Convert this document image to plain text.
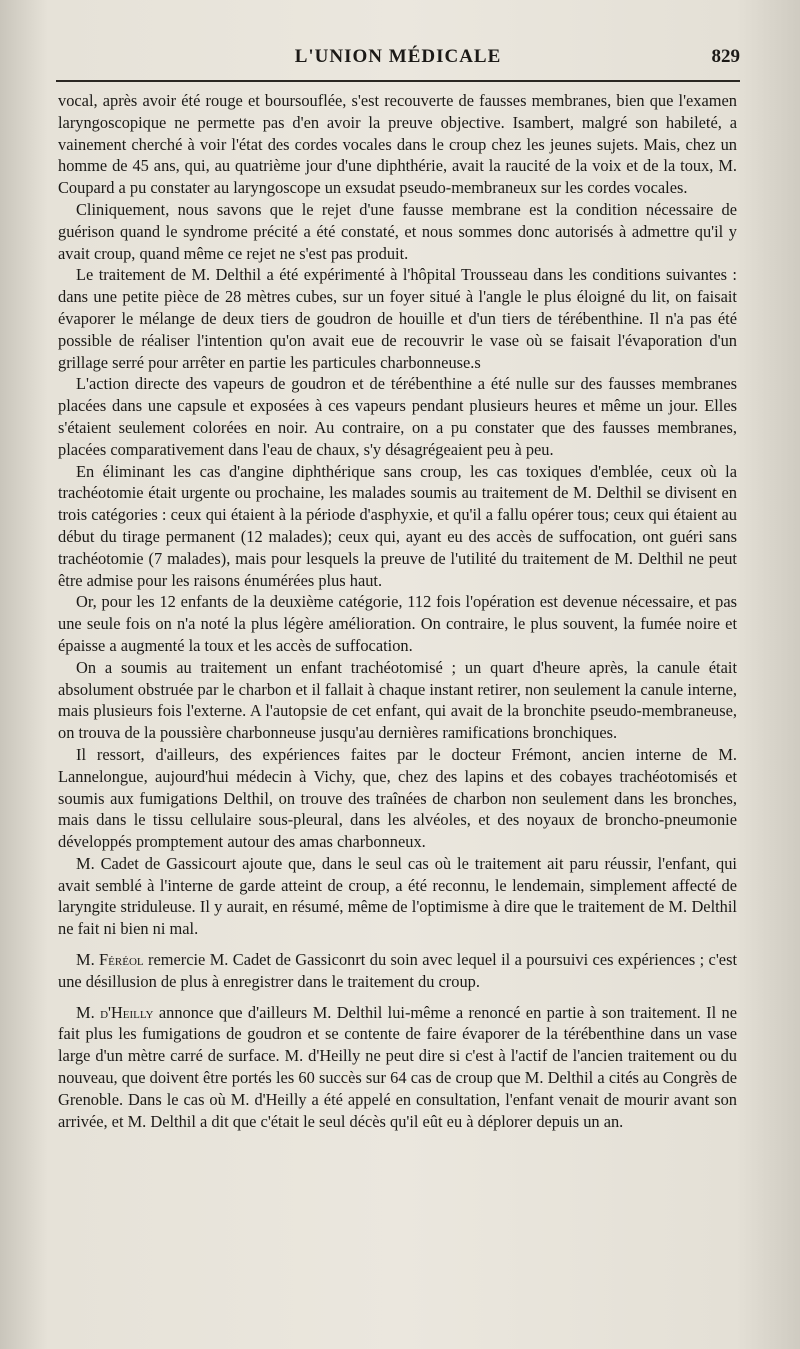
L'UNION MÉDICALE	829

vocal, après avoir été rouge et boursouflée, s'est recouverte de fausses membranes, bien que l'examen laryngoscopique ne permette pas d'en avoir la preuve objective. Isambert, malgré son habileté, a vainement cherché à voir l'état des cordes vocales dans le croup chez les jeunes sujets. Mais, chez un homme de 45 ans, qui, au quatrième jour d'une diphthérie, avait la raucité de la voix et de la toux, M. Coupard a pu constater au laryngoscope un exsudat pseudo-membraneux sur les cordes vocales.

Cliniquement, nous savons que le rejet d'une fausse membrane est la condition nécessaire de guérison quand le syndrome précité a été constaté, et nous sommes donc autorisés à admettre qu'il y avait croup, quand même ce rejet ne s'est pas produit.

Le traitement de M. Delthil a été expérimenté à l'hôpital Trousseau dans les conditions suivantes : dans une petite pièce de 28 mètres cubes, sur un foyer situé à l'angle le plus éloigné du lit, on faisait évaporer le mélange de deux tiers de goudron de houille et d'un tiers de térébenthine. Il n'a pas été possible de réaliser l'intention qu'on avait eue de recouvrir le vase où se faisait l'évaporation d'un grillage serré pour arrêter en partie les particules charbonneuse.s

L'action directe des vapeurs de goudron et de térébenthine a été nulle sur des fausses membranes placées dans une capsule et exposées à ces vapeurs pendant plusieurs heures et même un jour. Elles s'étaient seulement colorées en noir. Au contraire, on a pu constater que des fausses membranes, placées comparativement dans l'eau de chaux, s'y désagrégeaient peu à peu.

En éliminant les cas d'angine diphthérique sans croup, les cas toxiques d'emblée, ceux où la trachéotomie était urgente ou prochaine, les malades soumis au traitement de M. Delthil se divisent en trois catégories : ceux qui étaient à la période d'asphyxie, et qu'il a fallu opérer tous; ceux qui étaient au début du tirage permanent (12 malades); ceux qui, ayant eu des accès de suffocation, ont guéri sans trachéotomie (7 malades), mais pour lesquels la preuve de l'utilité du traitement de M. Delthil ne peut être admise pour les raisons énumérées plus haut.

Or, pour les 12 enfants de la deuxième catégorie, 112 fois l'opération est devenue nécessaire, et pas une seule fois on n'a noté la plus légère amélioration. On contraire, le plus souvent, la fumée noire et épaisse a augmenté la toux et les accès de suffocation.

On a soumis au traitement un enfant trachéotomisé ; un quart d'heure après, la canule était absolument obstruée par le charbon et il fallait à chaque instant retirer, non seulement la canule interne, mais plusieurs fois l'externe. A l'autopsie de cet enfant, qui avait de la bronchite pseudo-membraneuse, on trouva de la poussière charbonneuse jusqu'au dernières ramifications bronchiques.

Il ressort, d'ailleurs, des expériences faites par le docteur Frémont, ancien interne de M. Lannelongue, aujourd'hui médecin à Vichy, que, chez des lapins et des cobayes trachéotomisés et soumis aux fumigations Delthil, on trouve des traînées de charbon non seulement dans les bronches, mais dans le tissu cellulaire sous-pleural, dans les alvéoles, et des noyaux de broncho-pneumonie développés promptement autour des amas charbonneux.

M. Cadet de Gassicourt ajoute que, dans le seul cas où le traitement ait paru réussir, l'enfant, qui avait semblé à l'interne de garde atteint de croup, a été reconnu, le lendemain, simplement affecté de laryngite striduleuse. Il y aurait, en résumé, même de l'optimisme à dire que le traitement de M. Delthil ne fait ni bien ni mal.

M. Féréol remercie M. Cadet de Gassiconrt du soin avec lequel il a poursuivi ces expériences ; c'est une désillusion de plus à enregistrer dans le traitement du croup.

M. d'Heilly annonce que d'ailleurs M. Delthil lui-même a renoncé en partie à son traitement. Il ne fait plus les fumigations de goudron et se contente de faire évaporer de la térébenthine dans un vase large d'un mètre carré de surface. M. d'Heilly ne peut dire si c'est à l'actif de l'ancien traitement ou du nouveau, que doivent être portés les 60 succès sur 64 cas de croup que M. Delthil a cités au Congrès de Grenoble. Dans le cas où M. d'Heilly a été appelé en consultation, l'enfant venait de mourir avant son arrivée, et M. Delthil a dit que c'était le seul décès qu'il eût eu à déplorer depuis un an.
